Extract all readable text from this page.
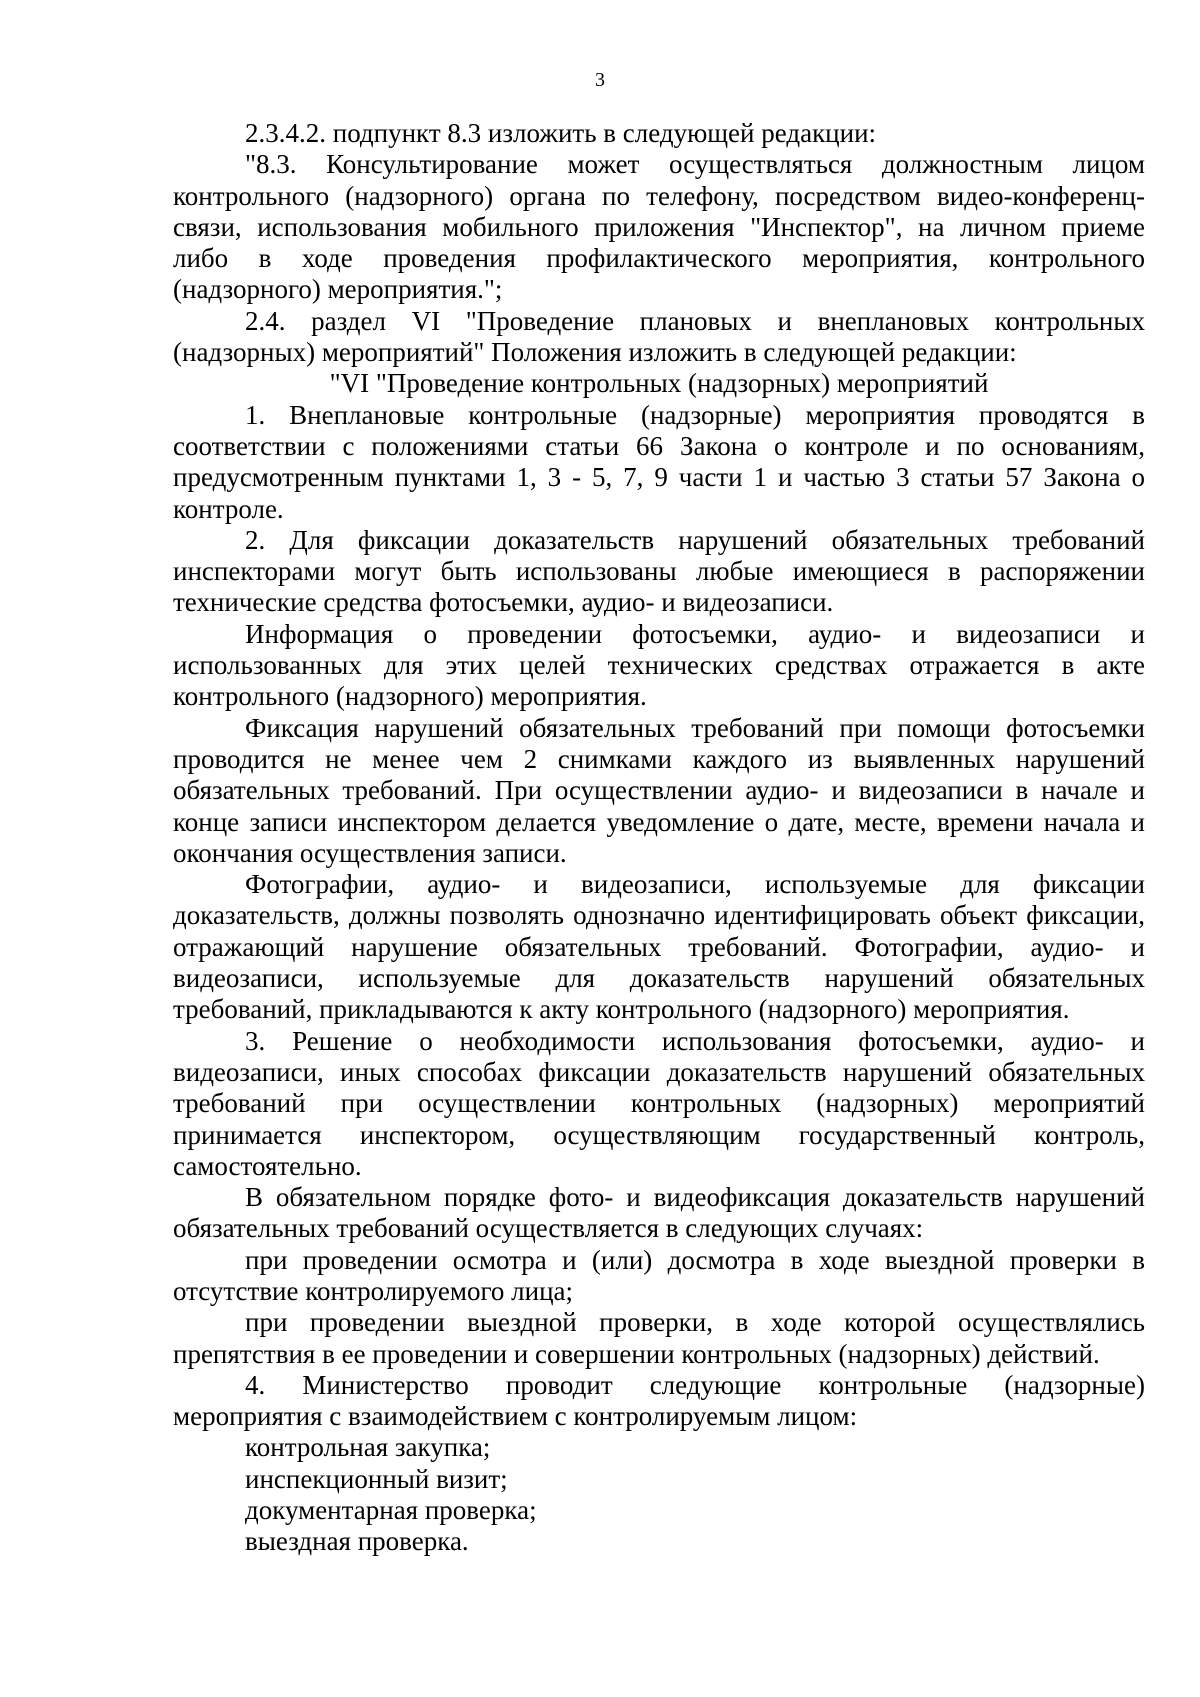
3

2.3.4.2. подпункт 8.3 изложить в следующей редакции:

"8.3. Консультирование может осуществляться должностным лицом контрольного (надзорного) органа по телефону, посредством видео-конференц-связи, использования мобильного приложения "Инспектор", на личном приеме либо в ходе проведения профилактического мероприятия, контрольного (надзорного) мероприятия.";

2.4. раздел VI "Проведение плановых и внеплановых контрольных (надзорных) мероприятий" Положения изложить в следующей редакции:

"VI "Проведение контрольных (надзорных) мероприятий

1. Внеплановые контрольные (надзорные) мероприятия проводятся в соответствии с положениями статьи 66 Закона о контроле и по основаниям, предусмотренным пунктами 1, 3 - 5, 7, 9 части 1 и частью 3 статьи 57 Закона о контроле.

2. Для фиксации доказательств нарушений обязательных требований инспекторами могут быть использованы любые имеющиеся в распоряжении технические средства фотосъемки, аудио- и видеозаписи.

Информация о проведении фотосъемки, аудио- и видеозаписи и использованных для этих целей технических средствах отражается в акте контрольного (надзорного) мероприятия.

Фиксация нарушений обязательных требований при помощи фотосъемки проводится не менее чем 2 снимками каждого из выявленных нарушений обязательных требований. При осуществлении аудио- и видеозаписи в начале и конце записи инспектором делается уведомление о дате, месте, времени начала и окончания осуществления записи.

Фотографии, аудио- и видеозаписи, используемые для фиксации доказательств, должны позволять однозначно идентифицировать объект фиксации, отражающий нарушение обязательных требований. Фотографии, аудио- и видеозаписи, используемые для доказательств нарушений обязательных требований, прикладываются к акту контрольного (надзорного) мероприятия.

3. Решение о необходимости использования фотосъемки, аудио- и видеозаписи, иных способах фиксации доказательств нарушений обязательных требований при осуществлении контрольных (надзорных) мероприятий принимается инспектором, осуществляющим государственный контроль, самостоятельно.

В обязательном порядке фото- и видеофиксация доказательств нарушений обязательных требований осуществляется в следующих случаях:

при проведении осмотра и (или) досмотра в ходе выездной проверки в отсутствие контролируемого лица;

при проведении выездной проверки, в ходе которой осуществлялись препятствия в ее проведении и совершении контрольных (надзорных) действий.

4. Министерство проводит следующие контрольные (надзорные) мероприятия с взаимодействием с контролируемым лицом:

контрольная закупка;

инспекционный визит;

документарная проверка;

выездная проверка.
